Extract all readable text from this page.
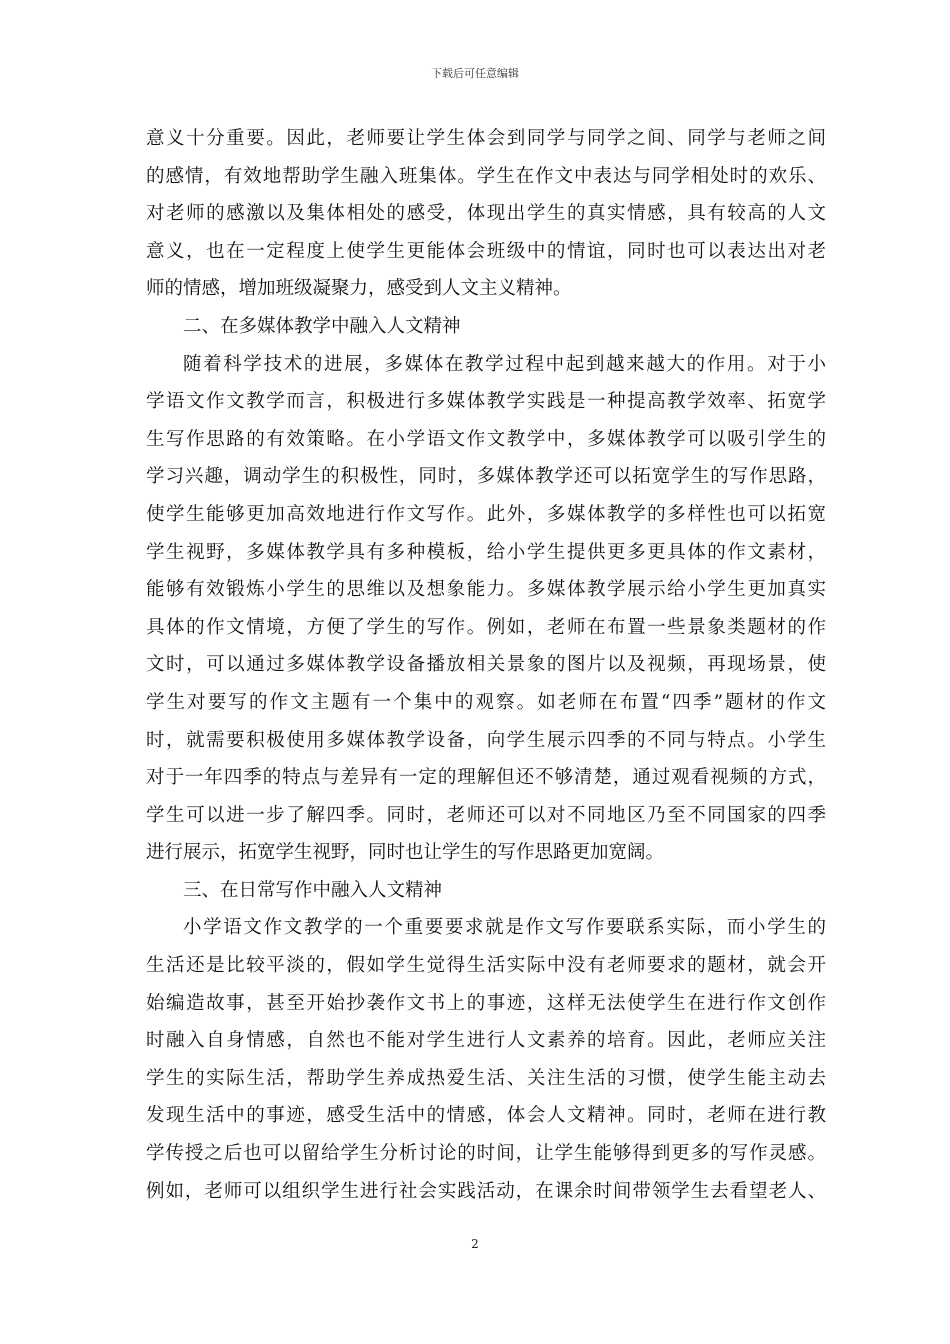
下载后可任意编辑
意义十分重要。因此，老师要让学生体会到同学与同学之间、同学与老师之间
的感情，有效地帮助学生融入班集体。学生在作文中表达与同学相处时的欢乐、
对老师的感激以及集体相处的感受，体现出学生的真实情感，具有较高的人文
意义，也在一定程度上使学生更能体会班级中的情谊，同时也可以表达出对老
师的情感，增加班级凝聚力，感受到人文主义精神。
二、在多媒体教学中融入人文精神
随着科学技术的进展，多媒体在教学过程中起到越来越大的作用。对于小
学语文作文教学而言，积极进行多媒体教学实践是一种提高教学效率、拓宽学
生写作思路的有效策略。在小学语文作文教学中，多媒体教学可以吸引学生的
学习兴趣，调动学生的积极性，同时，多媒体教学还可以拓宽学生的写作思路，
使学生能够更加高效地进行作文写作。此外，多媒体教学的多样性也可以拓宽
学生视野，多媒体教学具有多种模板，给小学生提供更多更具体的作文素材，
能够有效锻炼小学生的思维以及想象能力。多媒体教学展示给小学生更加真实
具体的作文情境，方便了学生的写作。例如，老师在布置一些景象类题材的作
文时，可以通过多媒体教学设备播放相关景象的图片以及视频，再现场景，使
学生对要写的作文主题有一个集中的观察。如老师在布置“四季”题材的作文
时，就需要积极使用多媒体教学设备，向学生展示四季的不同与特点。小学生
对于一年四季的特点与差异有一定的理解但还不够清楚，通过观看视频的方式，
学生可以进一步了解四季。同时，老师还可以对不同地区乃至不同国家的四季
进行展示，拓宽学生视野，同时也让学生的写作思路更加宽阔。
三、在日常写作中融入人文精神
小学语文作文教学的一个重要要求就是作文写作要联系实际，而小学生的
生活还是比较平淡的，假如学生觉得生活实际中没有老师要求的题材，就会开
始编造故事，甚至开始抄袭作文书上的事迹，这样无法使学生在进行作文创作
时融入自身情感，自然也不能对学生进行人文素养的培育。因此，老师应关注
学生的实际生活，帮助学生养成热爱生活、关注生活的习惯，使学生能主动去
发现生活中的事迹，感受生活中的情感，体会人文精神。同时，老师在进行教
学传授之后也可以留给学生分析讨论的时间，让学生能够得到更多的写作灵感。
例如，老师可以组织学生进行社会实践活动，在课余时间带领学生去看望老人、
2
